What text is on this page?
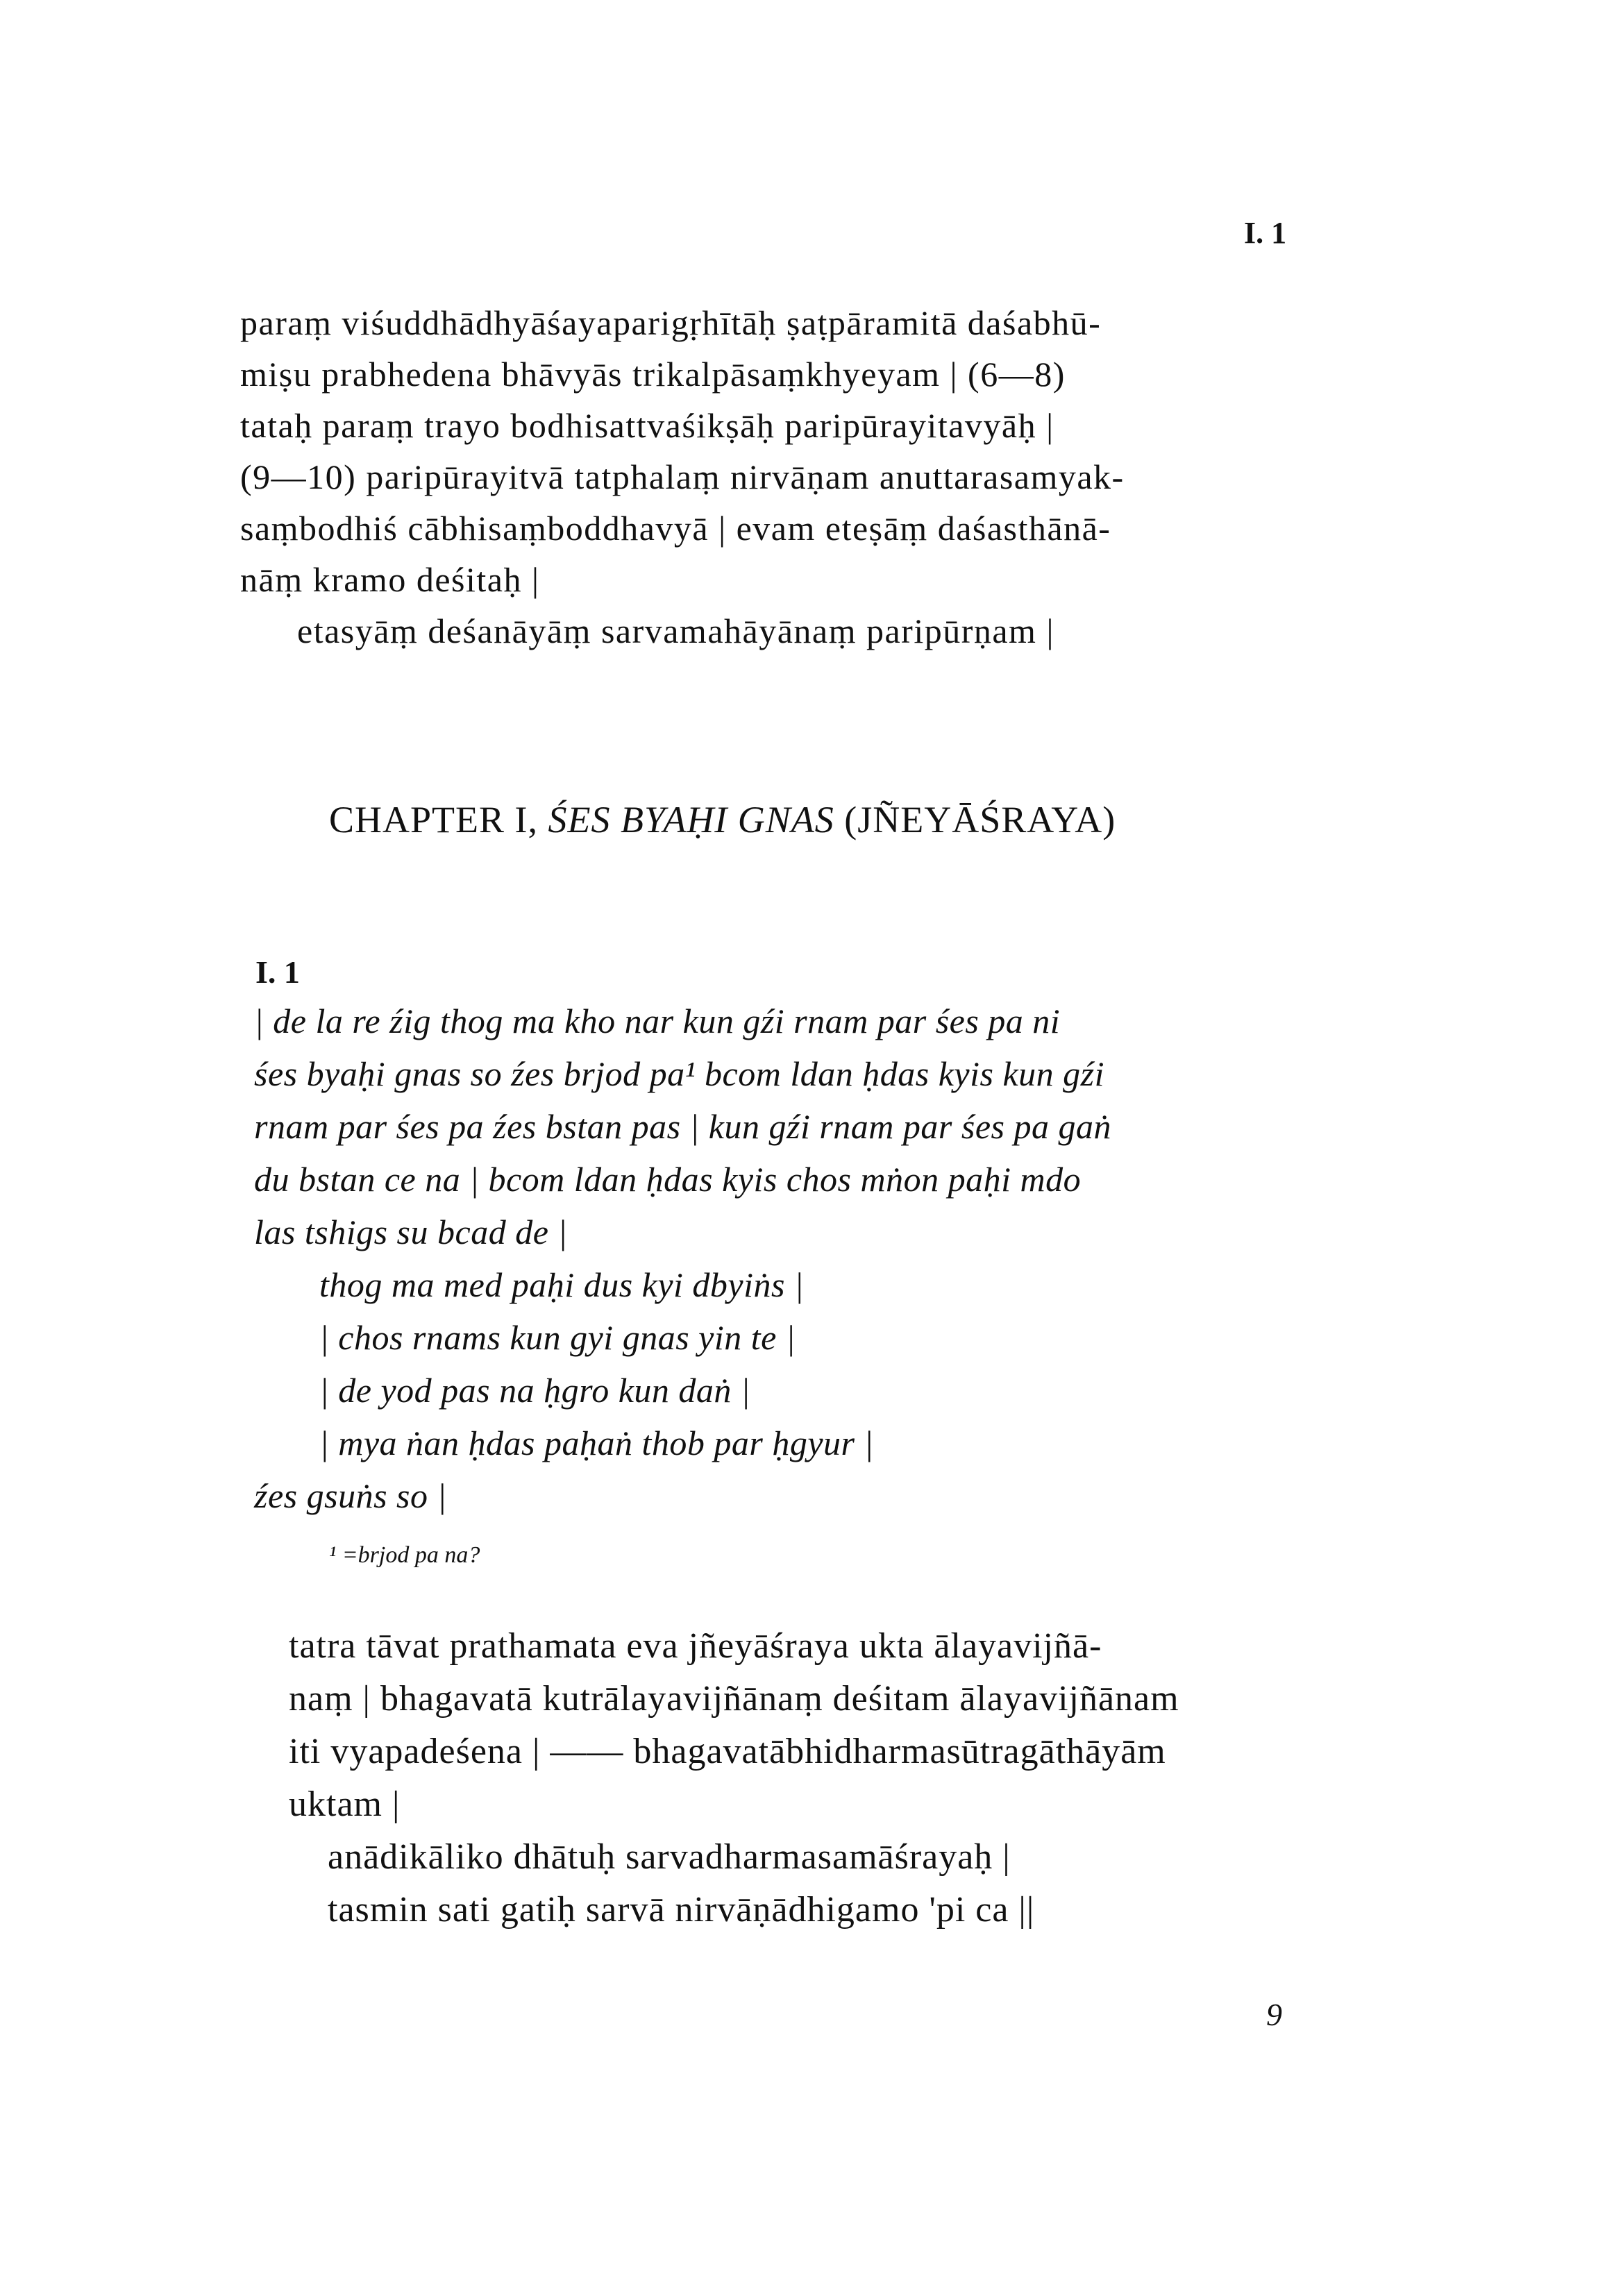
I. 1
paraṃ viśuddhādhyāśayaparigṛhītāḥ ṣaṭpāramitā daśabhū-
miṣu prabhedena bhāvyās trikalpāsaṃkhyeyam | (6—8)
tataḥ paraṃ trayo bodhisattvaśikṣāḥ paripūrayitavyāḥ |
(9—10) paripūrayitvā tatphalaṃ nirvāṇam anuttarasamyak-
saṃbodhiś cābhisaṃboddhavyā | evam eteṣāṃ daśasthānā-
nāṃ kramo deśitaḥ |
etasyāṃ deśanāyāṃ sarvamahāyānaṃ paripūrṇam |
CHAPTER I, ŚES BYAḤI GNAS (JÑEYĀŚRAYA)
I. 1
| de la re źig thog ma kho nar kun gźi rnam par śes pa ni
śes byaḥi gnas so źes brjod pa¹ bcom ldan ḥdas kyis kun gźi
rnam par śes pa źes bstan pas | kun gźi rnam par śes pa gaṅ
du bstan ce na | bcom ldan ḥdas kyis chos mṅon paḥi mdo
las tshigs su bcad de |
thog ma med paḥi dus kyi dbyiṅs |
| chos rnams kun gyi gnas yin te |
| de yod pas na ḥgro kun daṅ |
| mya ṅan ḥdas paḥaṅ thob par ḥgyur |
źes gsuṅs so |
¹ =brjod pa na?
tatra tāvat prathamata eva jñeyāśraya ukta ālayavijñā-
naṃ | bhagavatā kutrālayavijñānaṃ deśitam ālayavijñānam
iti vyapadeśena | —— bhagavatābhidharmasūtragāthāyām
uktam |
anādikāliko dhātuḥ sarvadharmasamāśrayaḥ |
tasmin sati gatiḥ sarvā nirvāṇādhigamo 'pi ca ||
9
